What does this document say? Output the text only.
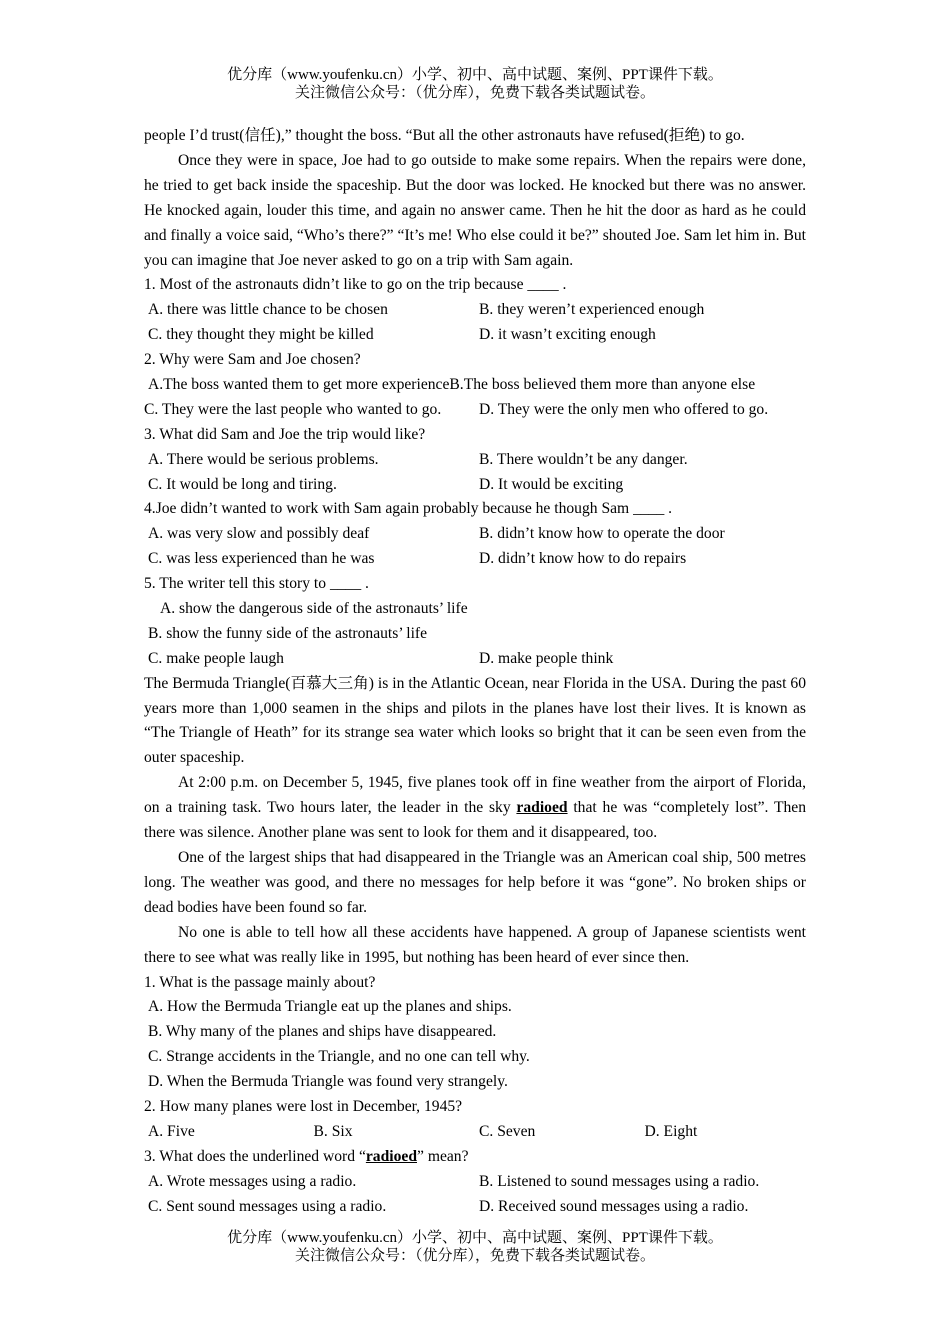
优分库（www.youfenku.cn）小学、初中、高中试题、案例、PPT课件下载。
关注微信公众号：（优分库），免费下载各类试题试卷。
people I’d trust(信任),” thought the boss. “But all the other astronauts have refused(拒绝) to go.
Once they were in space, Joe had to go outside to make some repairs. When the repairs were done, he tried to get back inside the spaceship. But the door was locked. He knocked but there was no answer. He knocked again, louder this time, and again no answer came. Then he hit the door as hard as he could and finally a voice said, “Who’s there?” “It’s me! Who else could it be?” shouted Joe. Sam let him in. But you can imagine that Joe never asked to go on a trip with Sam again.
1. Most of the astronauts didn’t like to go on the trip because ____ .
A. there was little chance to be chosen	B. they weren’t experienced enough
C. they thought they might be killed	D. it wasn’t exciting enough
2. Why were Sam and Joe chosen?
A.The boss wanted them to get more experienceB.The boss believed them more than anyone else
C. They were the last people who wanted to go.	D. They were the only men who offered to go.
3. What did Sam and Joe the trip would like?
A. There would be serious problems.	B. There wouldn’t be any danger.
C. It would be long and tiring.	D. It would be exciting
4.Joe didn’t wanted to work with Sam again probably because he though Sam ____ .
A. was very slow and possibly deaf	B. didn’t know how to operate the door
C. was less experienced than he was	D. didn’t know how to do repairs
5. The writer tell this story to ____ .
A. show the dangerous side of the astronauts’ life
B. show the funny side of the astronauts’ life
C. make people laugh	D. make people think
The Bermuda Triangle(百慕大三角) is in the Atlantic Ocean, near Florida in the USA. During the past 60 years more than 1,000 seamen in the ships and pilots in the planes have lost their lives. It is known as “The Triangle of Heath” for its strange sea water which looks so bright that it can be seen even from the outer spaceship.
At 2:00 p.m. on December 5, 1945, five planes took off in fine weather from the airport of Florida, on a training task. Two hours later, the leader in the sky radioed that he was “completely lost”. Then there was silence. Another plane was sent to look for them and it disappeared, too.
One of the largest ships that had disappeared in the Triangle was an American coal ship, 500 metres long. The weather was good, and there no messages for help before it was “gone”. No broken ships or dead bodies have been found so far.
No one is able to tell how all these accidents have happened. A group of Japanese scientists went there to see what was really like in 1995, but nothing has been heard of ever since then.
1. What is the passage mainly about?
A. How the Bermuda Triangle eat up the planes and ships.
B. Why many of the planes and ships have disappeared.
C. Strange accidents in the Triangle, and no one can tell why.
D. When the Bermuda Triangle was found very strangely.
2. How many planes were lost in December, 1945?
A. Five	B. Six	C. Seven	D. Eight
3. What does the underlined word “radioed” mean?
A. Wrote messages using a radio.	B. Listened to sound messages using a radio.
C. Sent sound messages using a radio.	D. Received sound messages using a radio.
优分库（www.youfenku.cn）小学、初中、高中试题、案例、PPT课件下载。
关注微信公众号：（优分库），免费下载各类试题试卷。
